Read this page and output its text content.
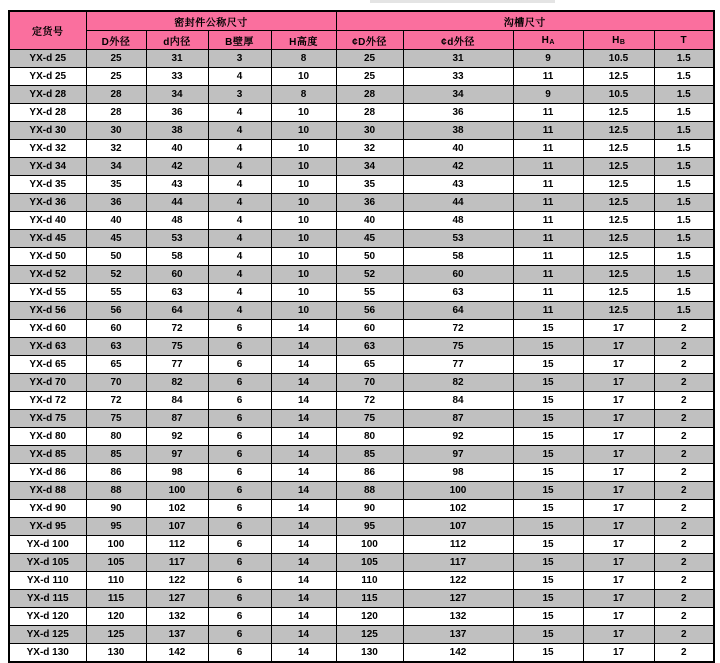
定货号	密封件公称尺寸				沟槽尺寸				
	D外径	d内径	B壁厚	H高度	¢D外径	¢d外径	$H_A$	$H_B$	T
YX-d 25	25	31	3	8	25	31	9	10.5	1.5
YX-d 25	25	33	4	10	25	33	11	12.5	1.5
YX-d 28	28	34	3	8	28	34	9	10.5	1.5
YX-d 28	28	36	4	10	28	36	11	12.5	1.5
YX-d 30	30	38	4	10	30	38	11	12.5	1.5
YX-d 32	32	40	4	10	32	40	11	12.5	1.5
YX-d 34	34	42	4	10	34	42	11	12.5	1.5
YX-d 35	35	43	4	10	35	43	11	12.5	1.5
YX-d 36	36	44	4	10	36	44	11	12.5	1.5
YX-d 40	40	48	4	10	40	48	11	12.5	1.5
YX-d 45	45	53	4	10	45	53	11	12.5	1.5
YX-d 50	50	58	4	10	50	58	11	12.5	1.5
YX-d 52	52	60	4	10	52	60	11	12.5	1.5
YX-d 55	55	63	4	10	55	63	11	12.5	1.5
YX-d 56	56	64	4	10	56	64	11	12.5	1.5
YX-d 60	60	72	6	14	60	72	15	17	2
YX-d 63	63	75	6	14	63	75	15	17	2
YX-d 65	65	77	6	14	65	77	15	17	2
YX-d 70	70	82	6	14	70	82	15	17	2
YX-d 72	72	84	6	14	72	84	15	17	2
YX-d 75	75	87	6	14	75	87	15	17	2
YX-d 80	80	92	6	14	80	92	15	17	2
YX-d 85	85	97	6	14	85	97	15	17	2
YX-d 86	86	98	6	14	86	98	15	17	2
YX-d 88	88	100	6	14	88	100	15	17	2
YX-d 90	90	102	6	14	90	102	15	17	2
YX-d 95	95	107	6	14	95	107	15	17	2
YX-d 100	100	112	6	14	100	112	15	17	2
YX-d 105	105	117	6	14	105	117	15	17	2
YX-d 110	110	122	6	14	110	122	15	17	2
YX-d 115	115	127	6	14	115	127	15	17	2
YX-d 120	120	132	6	14	120	132	15	17	2
YX-d 125	125	137	6	14	125	137	15	17	2
YX-d 130	130	142	6	14	130	142	15	17	2
